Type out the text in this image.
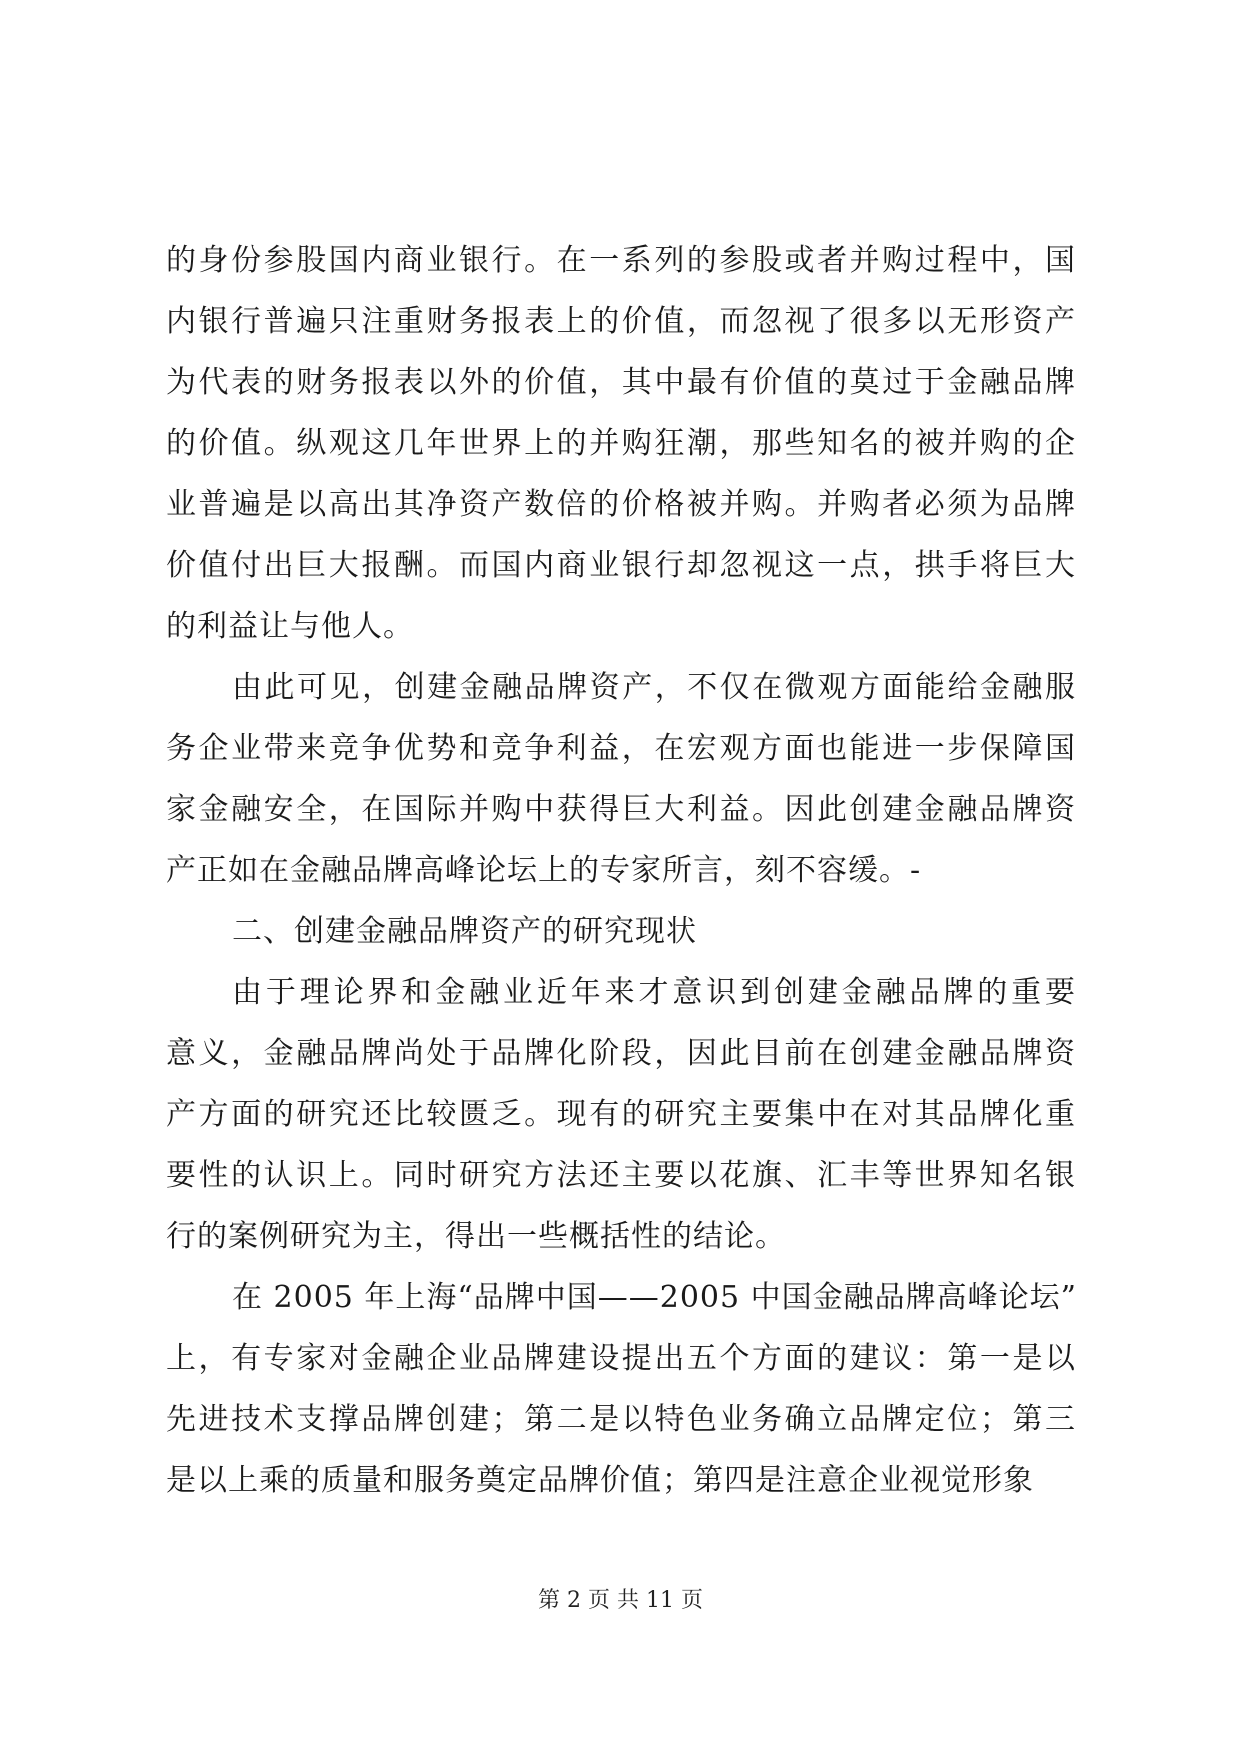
的身份参股国内商业银行。在一系列的参股或者并购过程中，国
内银行普遍只注重财务报表上的价值，而忽视了很多以无形资产
为代表的财务报表以外的价值，其中最有价值的莫过于金融品牌
的价值。纵观这几年世界上的并购狂潮，那些知名的被并购的企
业普遍是以高出其净资产数倍的价格被并购。并购者必须为品牌
价值付出巨大报酬。而国内商业银行却忽视这一点，拱手将巨大
的利益让与他人。
由此可见，创建金融品牌资产，不仅在微观方面能给金融服
务企业带来竞争优势和竞争利益，在宏观方面也能进一步保障国
家金融安全，在国际并购中获得巨大利益。因此创建金融品牌资
产正如在金融品牌高峰论坛上的专家所言，刻不容缓。-
二、创建金融品牌资产的研究现状
由于理论界和金融业近年来才意识到创建金融品牌的重要
意义，金融品牌尚处于品牌化阶段，因此目前在创建金融品牌资
产方面的研究还比较匮乏。现有的研究主要集中在对其品牌化重
要性的认识上。同时研究方法还主要以花旗、汇丰等世界知名银
行的案例研究为主，得出一些概括性的结论。
在 2005 年上海“品牌中国——2005 中国金融品牌高峰论坛”
上，有专家对金融企业品牌建设提出五个方面的建议：第一是以
先进技术支撑品牌创建；第二是以特色业务确立品牌定位；第三
是以上乘的质量和服务奠定品牌价值；第四是注意企业视觉形象
第 2 页 共 11 页
